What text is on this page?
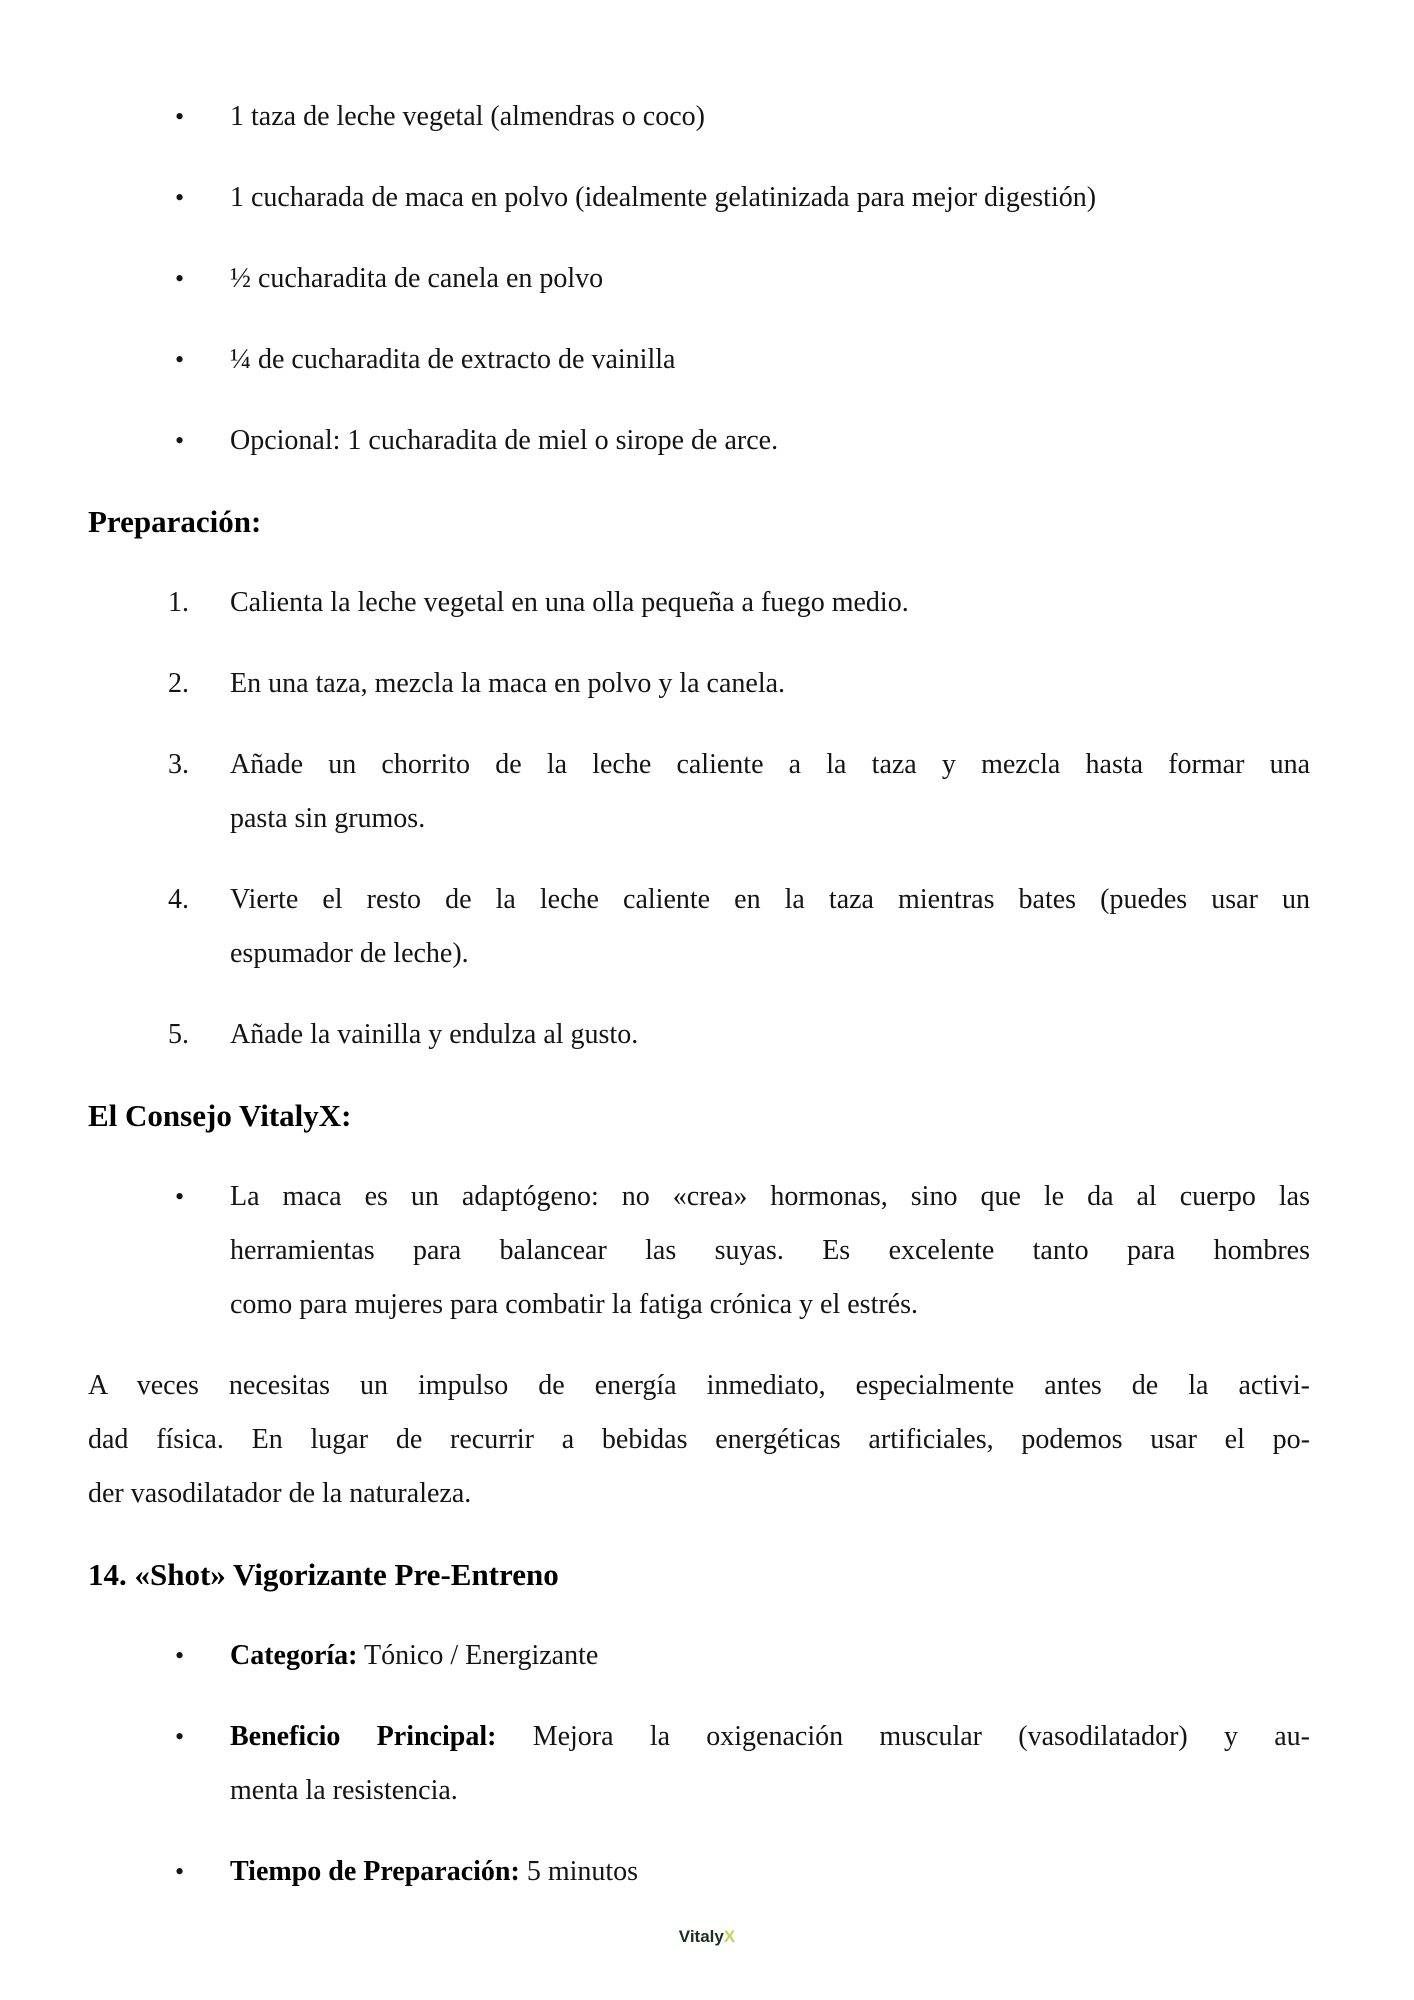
• 1 taza de leche vegetal (almendras o coco)
• 1 cucharada de maca en polvo (idealmente gelatinizada para mejor digestión)
• ½ cucharadita de canela en polvo
• ¼ de cucharadita de extracto de vainilla
• Opcional: 1 cucharadita de miel o sirope de arce.
Preparación:
1. Calienta la leche vegetal en una olla pequeña a fuego medio.
2. En una taza, mezcla la maca en polvo y la canela.
3. Añade un chorrito de la leche caliente a la taza y mezcla hasta formar una
pasta sin grumos.
4. Vierte el resto de la leche caliente en la taza mientras bates (puedes usar un
espumador de leche).
5. Añade la vainilla y endulza al gusto.
El Consejo VitalyX:
• La maca es un adaptógeno: no «crea» hormonas, sino que le da al cuerpo las
herramientas para balancear las suyas. Es excelente tanto para hombres
como para mujeres para combatir la fatiga crónica y el estrés.
A veces necesitas un impulso de energía inmediato, especialmente antes de la activi-
dad física. En lugar de recurrir a bebidas energéticas artificiales, podemos usar el po-
der vasodilatador de la naturaleza.
14. «Shot» Vigorizante Pre-Entreno
• Categoría: Tónico / Energizante
• Beneficio Principal: Mejora la oxigenación muscular (vasodilatador) y au-
menta la resistencia.
• Tiempo de Preparación: 5 minutos
VitalyX
